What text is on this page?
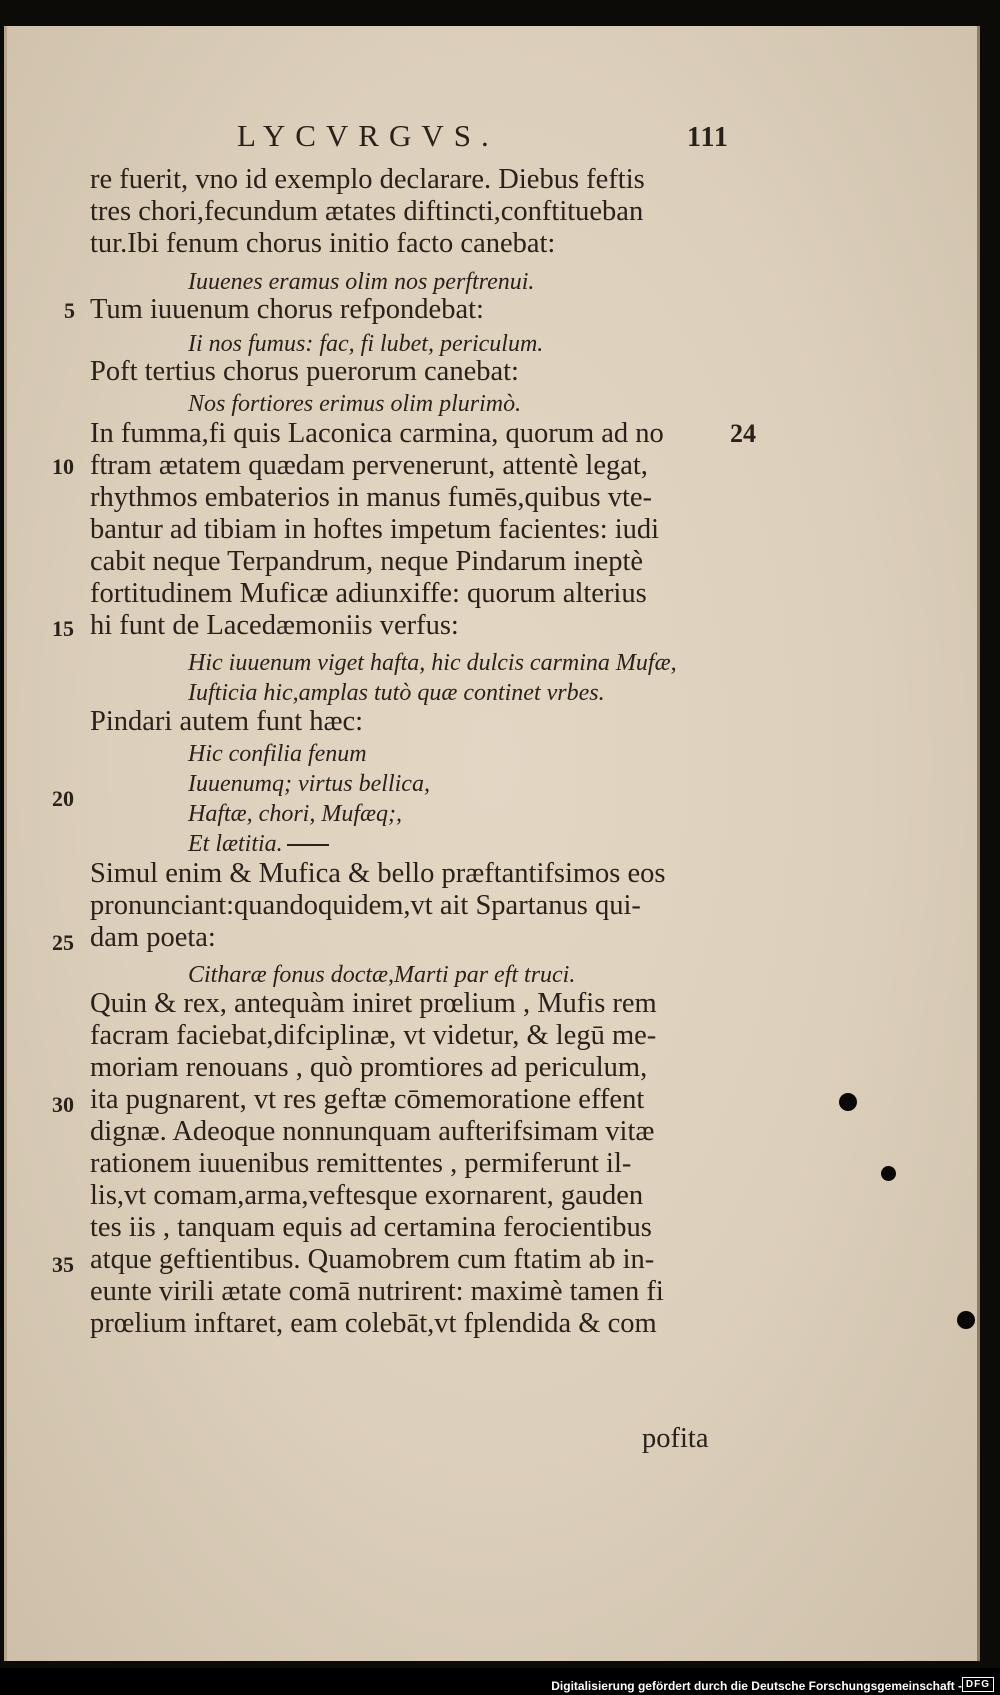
LYCVRGVS.	111
re fuerit, vno id exemplo declarare. Diebus feftis
tres chori,fecundum ætates diftincti,conftitueban
tur.Ibi fenum chorus initio facto canebat:
Iuuenes eramus olim nos perftrenui.
Tum iuuenum chorus refpondebat:
Ii nos fumus: fac, fi lubet, periculum.
Poft tertius chorus puerorum canebat:
Nos fortiores erimus olim plurimò.
In fumma,fi quis Laconica carmina, quorum ad no
ftram ætatem quædam pervenerunt, attentè legat,
rhythmos embaterios in manus fumēs,quibus vte-
bantur ad tibiam in hoftes impetum facientes: iudi
cabit neque Terpandrum, neque Pindarum ineptè
fortitudinem Muficæ adiunxiffe: quorum alterius
hi funt de Lacedæmoniis verfus:
Hic iuuenum viget hafta, hic dulcis carmina Mufæ,
Iufticia hic,amplas tutò quæ continet vrbes.
Pindari autem funt hæc:
Hic confilia fenum
Iuuenumq; virtus bellica,
Haftæ, chori, Mufæq;,
Et lætitia.
Simul enim & Mufica & bello præftantifsimos eos
pronunciant:quandoquidem,vt ait Spartanus qui-
dam poeta:
Citharæ fonus doctæ,Marti par eft truci.
Quin & rex, antequàm iniret prœlium , Mufis rem
facram faciebat,difciplinæ, vt videtur, & legū me-
moriam renouans , quò promtiores ad periculum,
ita pugnarent, vt res geftæ cōmemoratione effent
dignæ. Adeoque nonnunquam aufterifsimam vitæ
rationem iuuenibus remittentes , permiferunt il-
lis,vt comam,arma,veftesque exornarent, gauden
tes iis , tanquam equis ad certamina ferocientibus
atque geftientibus. Quamobrem cum ftatim ab in-
eunte virili ætate comā nutrirent: maximè tamen fi
prœlium inftaret, eam colebāt,vt fplendida & com
5
10
15
20
25
30
35
24
pofita
Digitalisierung gefördert durch die Deutsche Forschungsgemeinschaft - DFG
